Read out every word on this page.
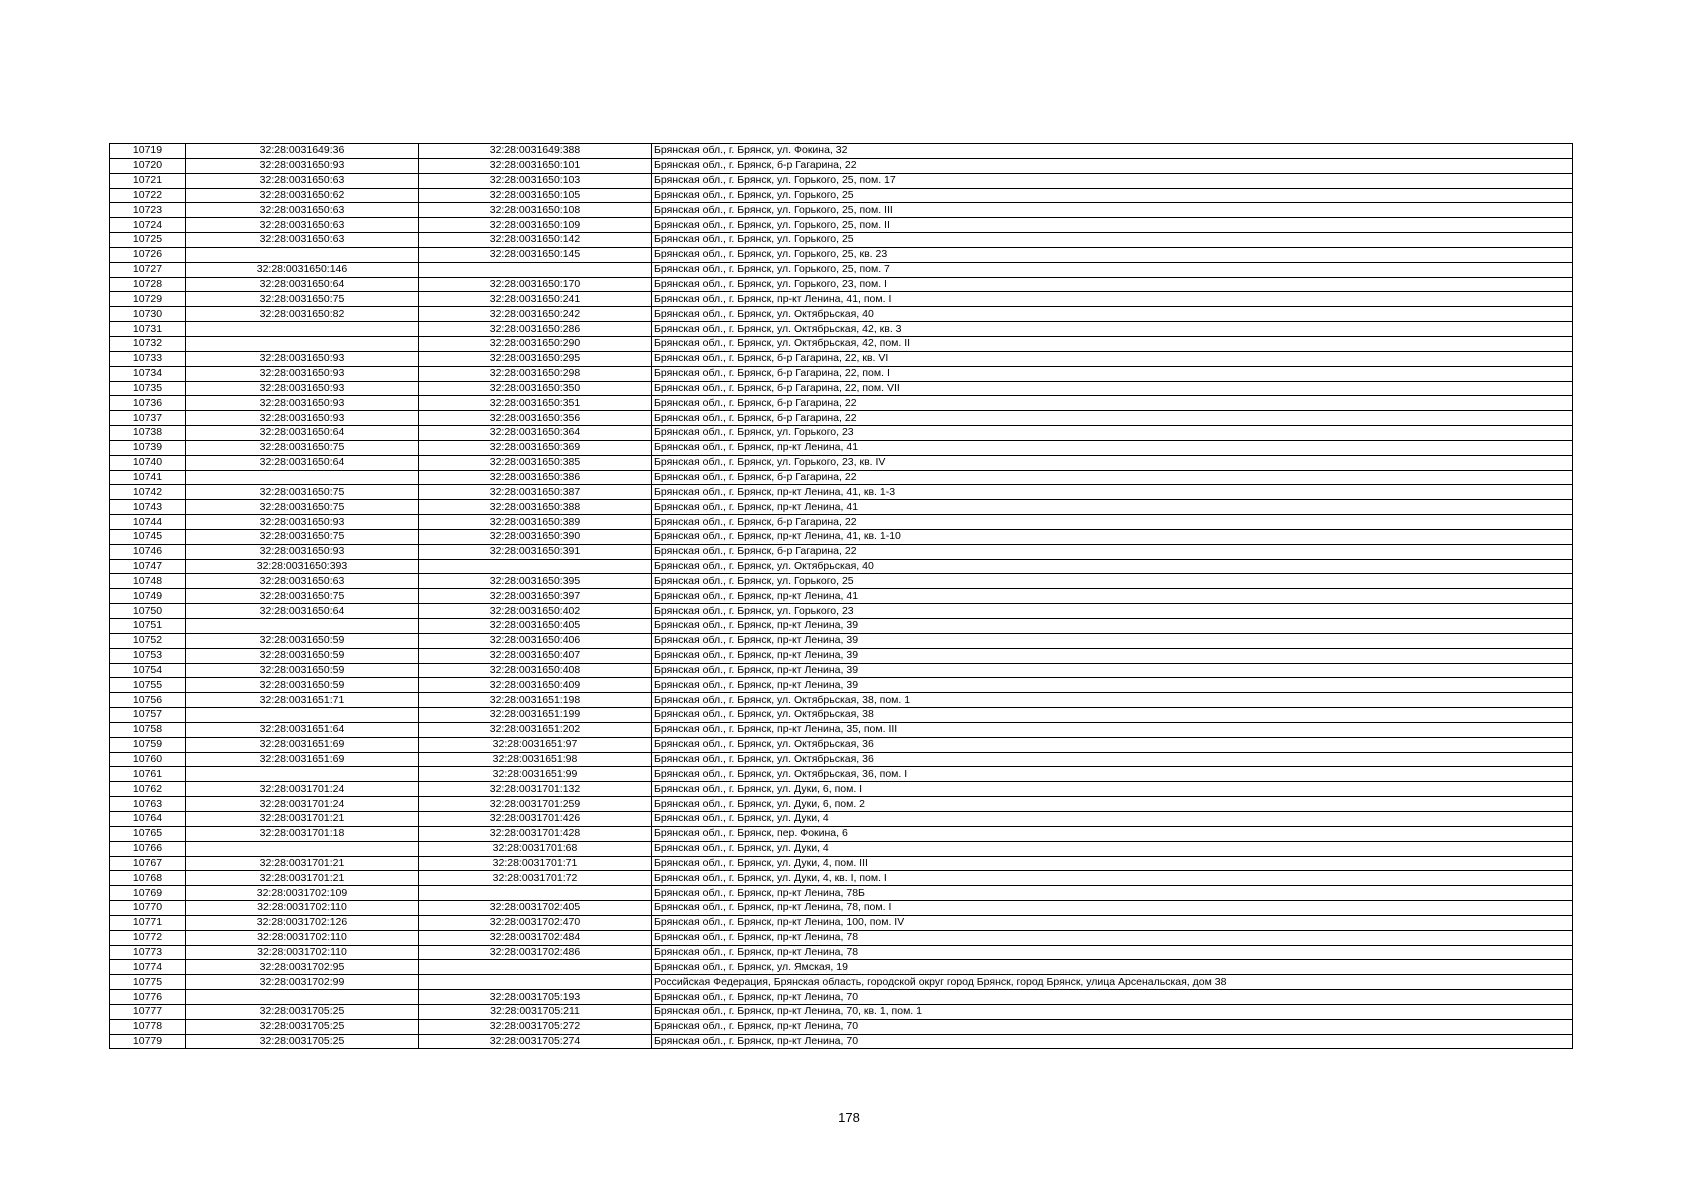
10719	32:28:0031649:36	32:28:0031649:388	Брянская обл., г. Брянск, ул. Фокина, 32
10720	32:28:0031650:93	32:28:0031650:101	Брянская обл., г. Брянск, б-р Гагарина, 22
10721	32:28:0031650:63	32:28:0031650:103	Брянская обл., г. Брянск, ул. Горького, 25, пом. 17
10722	32:28:0031650:62	32:28:0031650:105	Брянская обл., г. Брянск, ул. Горького, 25
10723	32:28:0031650:63	32:28:0031650:108	Брянская обл., г. Брянск, ул. Горького, 25, пом. III
10724	32:28:0031650:63	32:28:0031650:109	Брянская обл., г. Брянск, ул. Горького, 25, пом. II
10725	32:28:0031650:63	32:28:0031650:142	Брянская обл., г. Брянск, ул. Горького, 25
10726		32:28:0031650:145	Брянская обл., г. Брянск, ул. Горького, 25, кв. 23
10727	32:28:0031650:146		Брянская обл., г. Брянск, ул. Горького, 25, пом. 7
10728	32:28:0031650:64	32:28:0031650:170	Брянская обл., г. Брянск, ул. Горького, 23, пом. I
10729	32:28:0031650:75	32:28:0031650:241	Брянская обл., г. Брянск, пр-кт Ленина, 41, пом. I
10730	32:28:0031650:82	32:28:0031650:242	Брянская обл., г. Брянск, ул. Октябрьская, 40
10731		32:28:0031650:286	Брянская обл., г. Брянск, ул. Октябрьская, 42, кв. 3
10732		32:28:0031650:290	Брянская обл., г. Брянск, ул. Октябрьская, 42, пом. II
10733	32:28:0031650:93	32:28:0031650:295	Брянская обл., г. Брянск, б-р Гагарина, 22, кв. VI
10734	32:28:0031650:93	32:28:0031650:298	Брянская обл., г. Брянск, б-р Гагарина, 22, пом. I
10735	32:28:0031650:93	32:28:0031650:350	Брянская обл., г. Брянск, б-р Гагарина, 22, пом. VII
10736	32:28:0031650:93	32:28:0031650:351	Брянская обл., г. Брянск, б-р Гагарина, 22
10737	32:28:0031650:93	32:28:0031650:356	Брянская обл., г. Брянск, б-р Гагарина, 22
10738	32:28:0031650:64	32:28:0031650:364	Брянская обл., г. Брянск, ул. Горького, 23
10739	32:28:0031650:75	32:28:0031650:369	Брянская обл., г. Брянск, пр-кт Ленина, 41
10740	32:28:0031650:64	32:28:0031650:385	Брянская обл., г. Брянск, ул. Горького, 23, кв. IV
10741		32:28:0031650:386	Брянская обл., г. Брянск, б-р Гагарина, 22
10742	32:28:0031650:75	32:28:0031650:387	Брянская обл., г. Брянск, пр-кт Ленина, 41, кв. 1-3
10743	32:28:0031650:75	32:28:0031650:388	Брянская обл., г. Брянск, пр-кт Ленина, 41
10744	32:28:0031650:93	32:28:0031650:389	Брянская обл., г. Брянск, б-р Гагарина, 22
10745	32:28:0031650:75	32:28:0031650:390	Брянская обл., г. Брянск, пр-кт Ленина, 41, кв. 1-10
10746	32:28:0031650:93	32:28:0031650:391	Брянская обл., г. Брянск, б-р Гагарина, 22
10747	32:28:0031650:393		Брянская обл., г. Брянск, ул. Октябрьская, 40
10748	32:28:0031650:63	32:28:0031650:395	Брянская обл., г. Брянск, ул. Горького, 25
10749	32:28:0031650:75	32:28:0031650:397	Брянская обл., г. Брянск, пр-кт Ленина, 41
10750	32:28:0031650:64	32:28:0031650:402	Брянская обл., г. Брянск, ул. Горького, 23
10751		32:28:0031650:405	Брянская обл., г. Брянск, пр-кт Ленина, 39
10752	32:28:0031650:59	32:28:0031650:406	Брянская обл., г. Брянск, пр-кт Ленина, 39
10753	32:28:0031650:59	32:28:0031650:407	Брянская обл., г. Брянск, пр-кт Ленина, 39
10754	32:28:0031650:59	32:28:0031650:408	Брянская обл., г. Брянск, пр-кт Ленина, 39
10755	32:28:0031650:59	32:28:0031650:409	Брянская обл., г. Брянск, пр-кт Ленина, 39
10756	32:28:0031651:71	32:28:0031651:198	Брянская обл., г. Брянск, ул. Октябрьская, 38, пом. 1
10757		32:28:0031651:199	Брянская обл., г. Брянск, ул. Октябрьская, 38
10758	32:28:0031651:64	32:28:0031651:202	Брянская обл., г. Брянск, пр-кт Ленина, 35, пом. III
10759	32:28:0031651:69	32:28:0031651:97	Брянская обл., г. Брянск, ул. Октябрьская, 36
10760	32:28:0031651:69	32:28:0031651:98	Брянская обл., г. Брянск, ул. Октябрьская, 36
10761		32:28:0031651:99	Брянская обл., г. Брянск, ул. Октябрьская, 36, пом. I
10762	32:28:0031701:24	32:28:0031701:132	Брянская обл., г. Брянск, ул. Дуки, 6, пом. I
10763	32:28:0031701:24	32:28:0031701:259	Брянская обл., г. Брянск, ул. Дуки, 6, пом. 2
10764	32:28:0031701:21	32:28:0031701:426	Брянская обл., г. Брянск, ул. Дуки, 4
10765	32:28:0031701:18	32:28:0031701:428	Брянская обл., г. Брянск, пер. Фокина, 6
10766		32:28:0031701:68	Брянская обл., г. Брянск, ул. Дуки, 4
10767	32:28:0031701:21	32:28:0031701:71	Брянская обл., г. Брянск, ул. Дуки, 4, пом. III
10768	32:28:0031701:21	32:28:0031701:72	Брянская обл., г. Брянск, ул. Дуки, 4, кв. I, пом. I
10769	32:28:0031702:109		Брянская обл., г. Брянск, пр-кт Ленина, 78Б
10770	32:28:0031702:110	32:28:0031702:405	Брянская обл., г. Брянск, пр-кт Ленина, 78, пом. I
10771	32:28:0031702:126	32:28:0031702:470	Брянская обл., г. Брянск, пр-кт Ленина, 100, пом. IV
10772	32:28:0031702:110	32:28:0031702:484	Брянская обл., г. Брянск, пр-кт Ленина, 78
10773	32:28:0031702:110	32:28:0031702:486	Брянская обл., г. Брянск, пр-кт Ленина, 78
10774	32:28:0031702:95		Брянская обл., г. Брянск, ул. Ямская, 19
10775	32:28:0031702:99		Российская Федерация, Брянская область, городской округ город Брянск, город Брянск, улица Арсенальская, дом 38
10776		32:28:0031705:193	Брянская обл., г. Брянск, пр-кт Ленина, 70
10777	32:28:0031705:25	32:28:0031705:211	Брянская обл., г. Брянск, пр-кт Ленина, 70, кв. 1, пом. 1
10778	32:28:0031705:25	32:28:0031705:272	Брянская обл., г. Брянск, пр-кт Ленина, 70
10779	32:28:0031705:25	32:28:0031705:274	Брянская обл., г. Брянск, пр-кт Ленина, 70
178
